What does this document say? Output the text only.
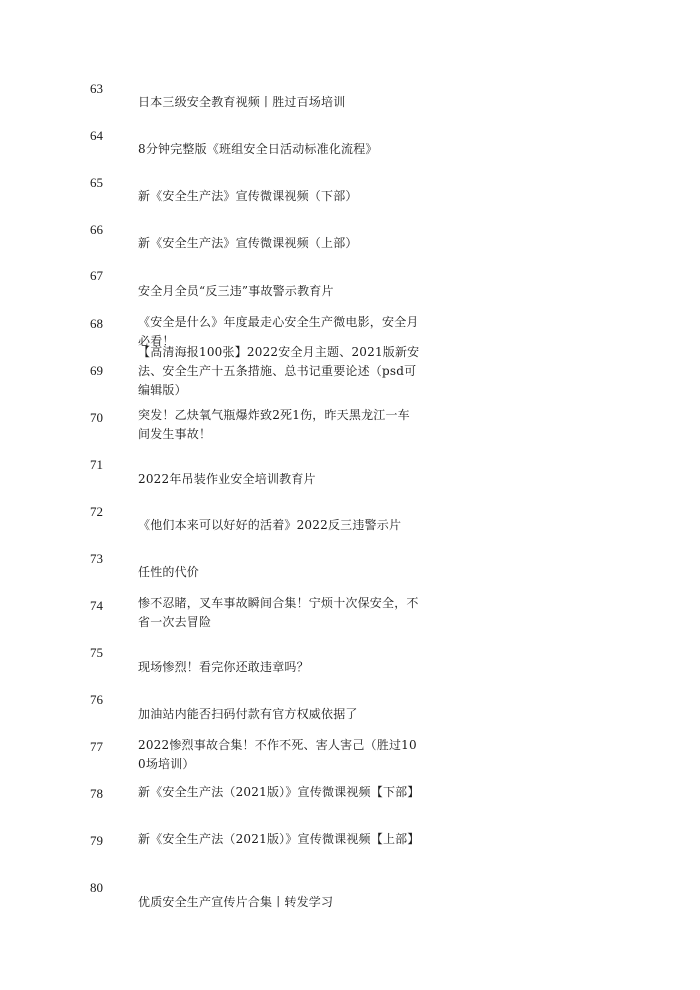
63
日本三级安全教育视频丨胜过百场培训
64
8分钟完整版《班组安全日活动标准化流程》
65
新《安全生产法》宣传微课视频（下部）
66
新《安全生产法》宣传微课视频（上部）
67
安全月全员“反三违”事故警示教育片
68	《安全是什么》年度最走心安全生产微电影，安全月必看！
69
【高清海报100张】2022安全月主题、2021版新安法、安全生产十五条措施、总书记重要论述（psd可编辑版）
70	突发！乙炔氧气瓶爆炸致2死1伤，昨天黑龙江一车间发生事故！
71
2022年吊装作业安全培训教育片
72
《他们本来可以好好的活着》2022反三违警示片
73
任性的代价
74	惨不忍睹，叉车事故瞬间合集！宁烦十次保安全，不省一次去冒险
75
现场惨烈！看完你还敢违章吗？
76
加油站内能否扫码付款有官方权威依据了
77	2022惨烈事故合集！不作不死、害人害己（胜过100场培训）
78	新《安全生产法（2021版）》宣传微课视频【下部】
79	新《安全生产法（2021版）》宣传微课视频【上部】
80
优质安全生产宣传片合集丨转发学习
